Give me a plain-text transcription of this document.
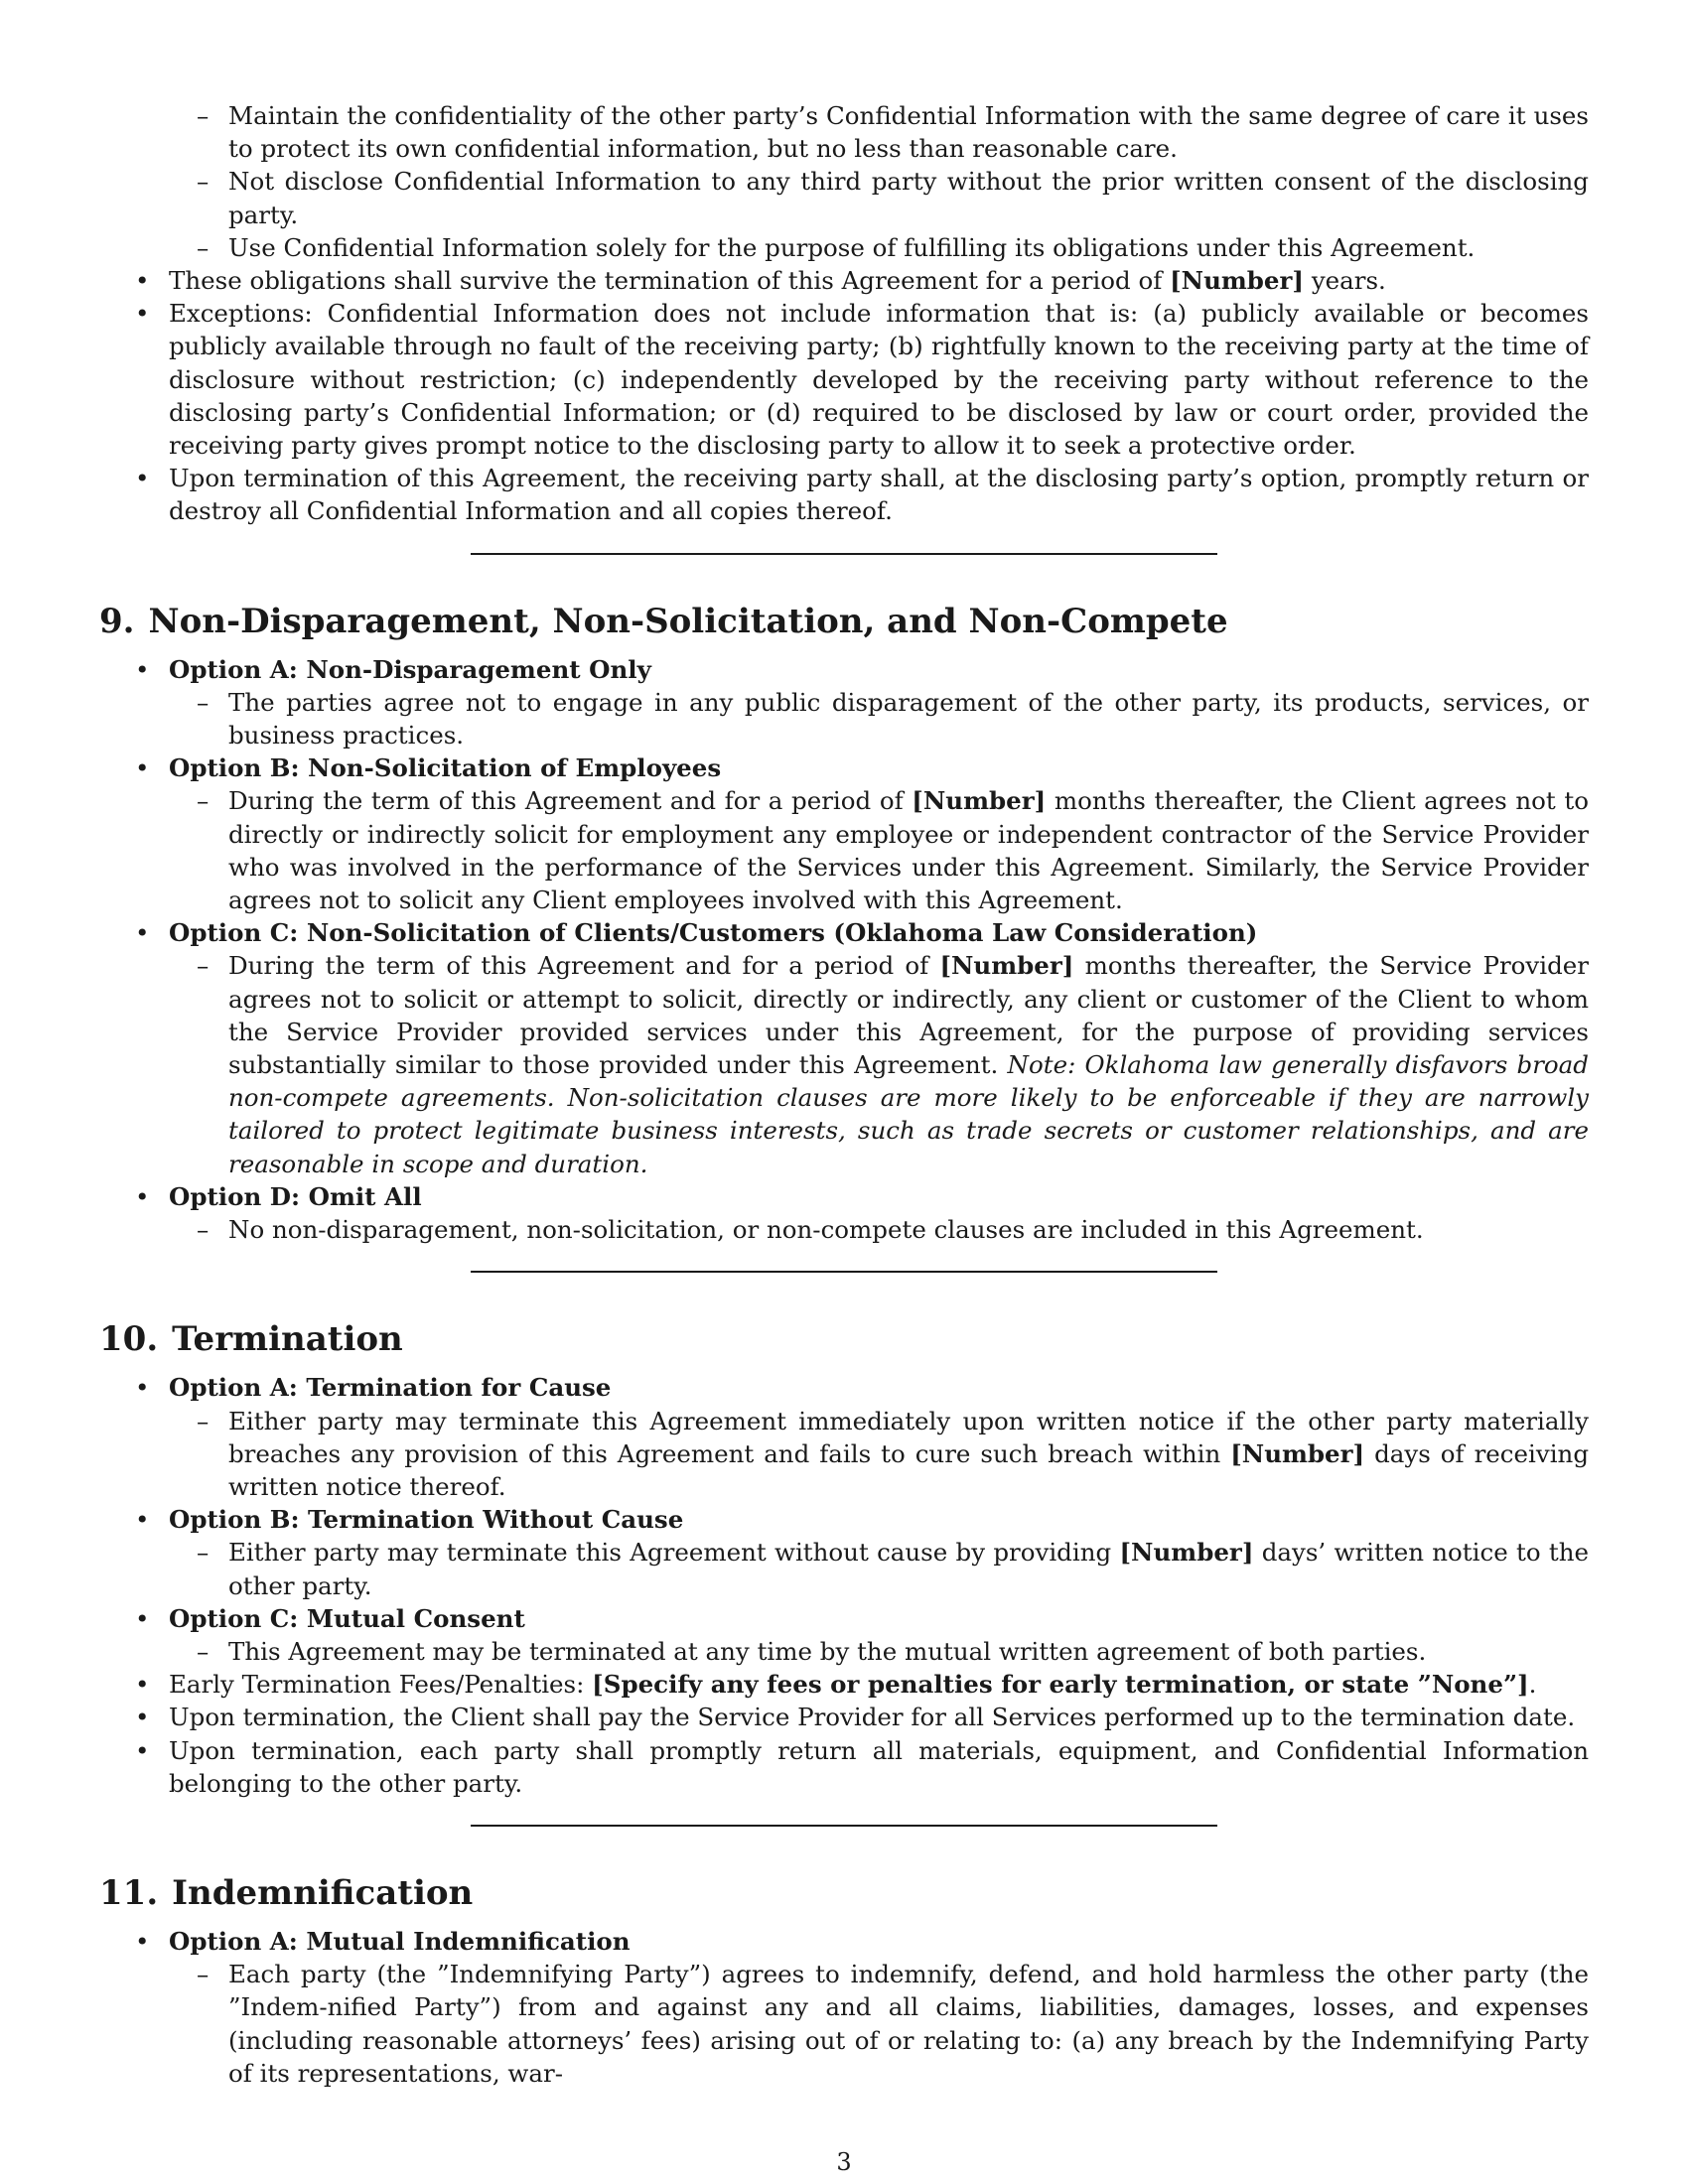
– Maintain the confidentiality of the other party’s Confidential Information with the same degree of care it uses to protect its own confidential information, but no less than reasonable care.
– Not disclose Confidential Information to any third party without the prior written consent of the disclosing party.
– Use Confidential Information solely for the purpose of fulfilling its obligations under this Agreement.
• These obligations shall survive the termination of this Agreement for a period of [Number] years.
• Exceptions: Confidential Information does not include information that is: (a) publicly available or becomes publicly available through no fault of the receiving party; (b) rightfully known to the receiving party at the time of disclosure without restriction; (c) independently developed by the receiving party without reference to the disclosing party’s Confidential Information; or (d) required to be disclosed by law or court order, provided the receiving party gives prompt notice to the disclosing party to allow it to seek a protective order.
• Upon termination of this Agreement, the receiving party shall, at the disclosing party’s option, promptly return or destroy all Confidential Information and all copies thereof.
9. Non-Disparagement, Non-Solicitation, and Non-Compete
• Option A: Non-Disparagement Only
– The parties agree not to engage in any public disparagement of the other party, its products, services, or business practices.
• Option B: Non-Solicitation of Employees
– During the term of this Agreement and for a period of [Number] months thereafter, the Client agrees not to directly or indirectly solicit for employment any employee or independent contractor of the Service Provider who was involved in the performance of the Services under this Agreement. Similarly, the Service Provider agrees not to solicit any Client employees involved with this Agreement.
• Option C: Non-Solicitation of Clients/Customers (Oklahoma Law Consideration)
– During the term of this Agreement and for a period of [Number] months thereafter, the Service Provider agrees not to solicit or attempt to solicit, directly or indirectly, any client or customer of the Client to whom the Service Provider provided services under this Agreement, for the purpose of providing services substantially similar to those provided under this Agreement. Note: Oklahoma law generally disfavors broad non-compete agreements. Non-solicitation clauses are more likely to be enforceable if they are narrowly tailored to protect legitimate business interests, such as trade secrets or customer relationships, and are reasonable in scope and duration.
• Option D: Omit All
– No non-disparagement, non-solicitation, or non-compete clauses are included in this Agreement.
10. Termination
• Option A: Termination for Cause
– Either party may terminate this Agreement immediately upon written notice if the other party materially breaches any provision of this Agreement and fails to cure such breach within [Number] days of receiving written notice thereof.
• Option B: Termination Without Cause
– Either party may terminate this Agreement without cause by providing [Number] days’ written notice to the other party.
• Option C: Mutual Consent
– This Agreement may be terminated at any time by the mutual written agreement of both parties.
• Early Termination Fees/Penalties: [Specify any fees or penalties for early termination, or state ”None”].
• Upon termination, the Client shall pay the Service Provider for all Services performed up to the termination date.
• Upon termination, each party shall promptly return all materials, equipment, and Confidential Information belonging to the other party.
11. Indemnification
• Option A: Mutual Indemnification
– Each party (the ”Indemnifying Party”) agrees to indemnify, defend, and hold harmless the other party (the ”Indem-nified Party”) from and against any and all claims, liabilities, damages, losses, and expenses (including reasonable attorneys’ fees) arising out of or relating to: (a) any breach by the Indemnifying Party of its representations, war-
3
